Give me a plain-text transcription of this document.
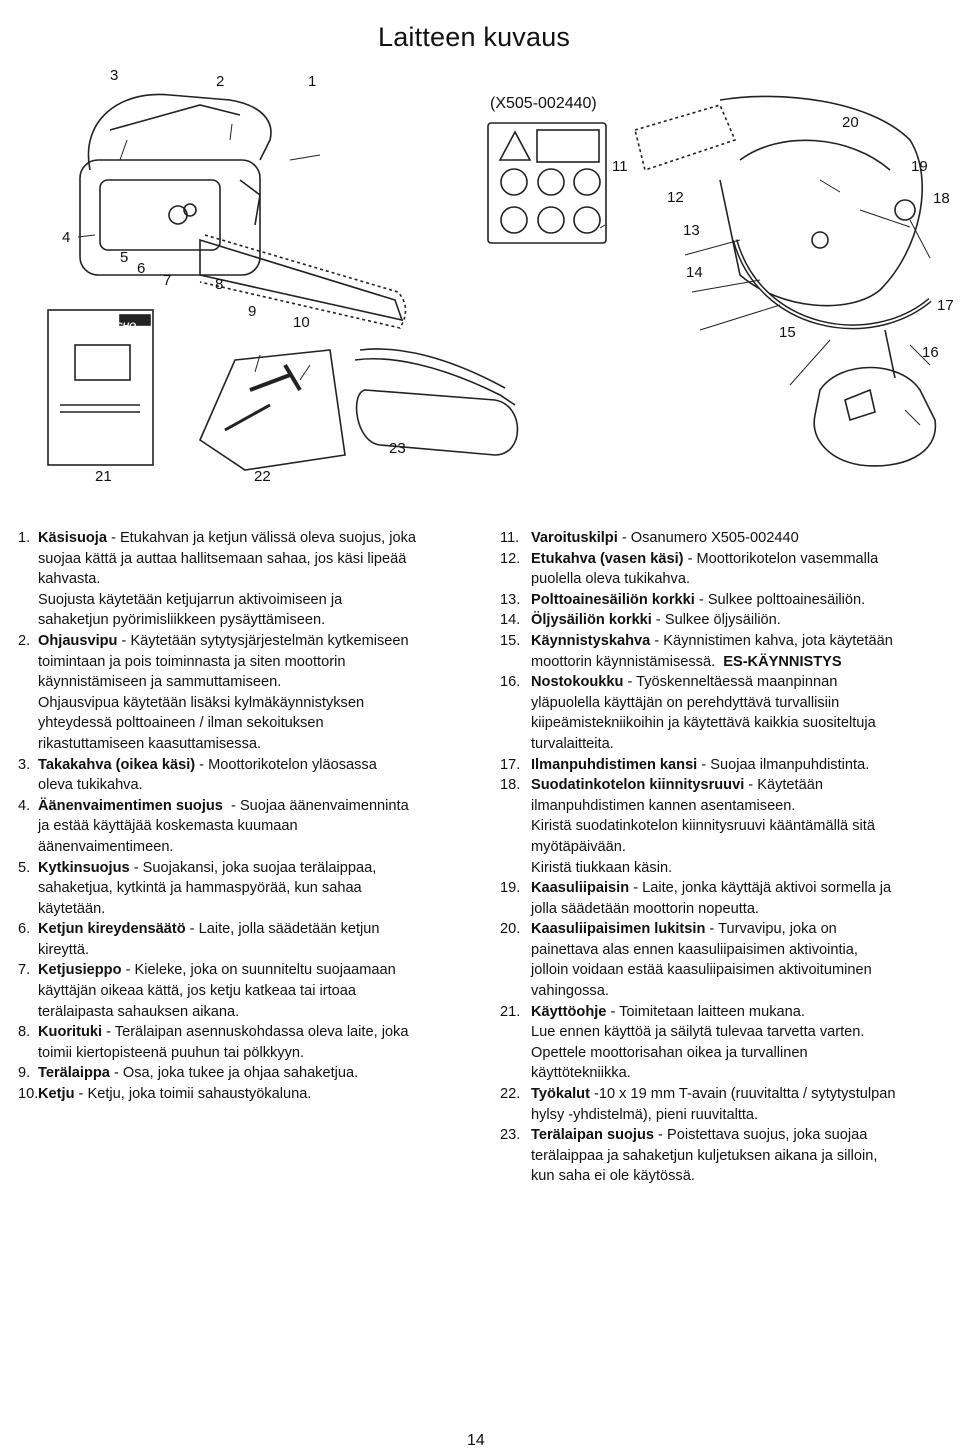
Laitteen kuvaus
(X505-002440)
ECHO
1
2
3
4
5
6
7	8
9
10
11
12
13
14
15
16
17
18
19
20
21	22
23
1. Käsisuoja - Etukahvan ja ketjun välissä oleva suojus, joka

suojaa kättä ja auttaa hallitsemaan sahaa, jos käsi lipeää

kahvasta.

Suojusta käytetään ketjujarrun aktivoimiseen ja

sahaketjun pyörimisliikkeen pysäyttämiseen.

2. Ohjausvipu - Käytetään sytytysjärjestelmän kytkemiseen

toimintaan ja pois toiminnasta ja siten moottorin

käynnistämiseen ja sammuttamiseen.

Ohjausvipua käytetään lisäksi kylmäkäynnistyksen

yhteydessä polttoaineen / ilman sekoituksen

rikastuttamiseen kaasuttamisessa.

3. Takakahva (oikea käsi) - Moottorikotelon yläosassa

oleva tukikahva.

4. Äänenvaimentimen suojus  - Suojaa äänenvaimenninta

ja estää käyttäjää koskemasta kuumaan

äänenvaimentimeen.

5. Kytkinsuojus - Suojakansi, joka suojaa terälaippaa,

sahaketjua, kytkintä ja hammaspyörää, kun sahaa

käytetään.

6. Ketjun kireydensäätö - Laite, jolla säädetään ketjun

kireyttä.

7. Ketjusieppo - Kieleke, joka on suunniteltu suojaamaan

käyttäjän oikeaa kättä, jos ketju katkeaa tai irtoaa

terälaipasta sahauksen aikana.

8. Kuorituki - Terälaipan asennuskohdassa oleva laite, joka

toimii kiertopisteenä puuhun tai pölkkyyn.

9. Terälaippa - Osa, joka tukee ja ohjaa sahaketjua.

10. Ketju - Ketju, joka toimii sahaustyökaluna.

11. Varoituskilpi - Osanumero X505-002440

12. Etukahva (vasen käsi) - Moottorikotelon vasemmalla

puolella oleva tukikahva.

13. Polttoainesäiliön korkki - Sulkee polttoainesäiliön.

14. Öljysäiliön korkki - Sulkee öljysäiliön.

15. Käynnistyskahva - Käynnistimen kahva, jota käytetään

moottorin käynnistämisessä. ES-KÄYNNISTYS

16. Nostokoukku - Työskenneltäessä maanpinnan

yläpuolella käyttäjän on perehdyttävä turvallisiin

kiipeämistekniikoihin ja käytettävä kaikkia suositeltuja

turvalaitteita.

17. Ilmanpuhdistimen kansi - Suojaa ilmanpuhdistinta.

18. Suodatinkotelon kiinnitysruuvi - Käytetään

ilmanpuhdistimen kannen asentamiseen.

Kiristä suodatinkotelon kiinnitysruuvi kääntämällä sitä

myötäpäivään.

Kiristä tiukkaan käsin.

19. Kaasuliipaisin - Laite, jonka käyttäjä aktivoi sormella ja

jolla säädetään moottorin nopeutta.

20. Kaasuliipaisimen lukitsin - Turvavipu, joka on

painettava alas ennen kaasuliipaisimen aktivointia,

jolloin voidaan estää kaasuliipaisimen aktivoituminen

vahingossa.

21. Käyttöohje - Toimitetaan laitteen mukana.

Lue ennen käyttöä ja säilytä tulevaa tarvetta varten.

Opettele moottorisahan oikea ja turvallinen

käyttötekniikka.

22. Työkalut -10 x 19 mm T-avain (ruuvitaltta / sytytystulpan

hylsy -yhdistelmä), pieni ruuvitaltta.

23. Terälaipan suojus - Poistettava suojus, joka suojaa

terälaippaa ja sahaketjun kuljetuksen aikana ja silloin,

kun saha ei ole käytössä.

14
